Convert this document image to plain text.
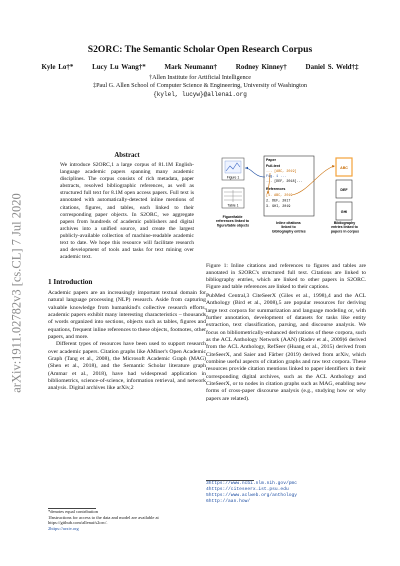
S2ORC: The Semantic Scholar Open Research Corpus
Kyle Lo†*	Lucy Lu Wang†*	Mark Neumann†	Rodney Kinney†	Daniel S. Weld†‡
†Allen Institute for Artificial Intelligence
‡Paul G. Allen School of Computer Science & Engineering, University of Washington
{kylel, lucyw}@allenai.org
arXiv:1911.02782v3 [cs.CL] 7 Jul 2020
Abstract
We introduce S2ORC,1 a large corpus of 81.1M English-language academic papers spanning many academic disciplines. The corpus consists of rich metadata, paper abstracts, resolved bibliographic references, as well as structured full text for 8.1M open access papers. Full text is annotated with automatically-detected inline mentions of citations, figures, and tables, each linked to their corresponding paper objects. In S2ORC, we aggregate papers from hundreds of academic publishers and digital archives into a unified source, and create the largest publicly-available collection of machine-readable academic text to date. We hope this resource will facilitate research and development of tools and tasks for text mining over academic text.
1 Introduction

Academic papers are an increasingly important textual domain for natural language processing (NLP) research. Aside from capturing valuable knowledge from humankind's collective research efforts, academic papers exhibit many interesting characteristics – thousands of words organized into sections, objects such as tables, figures and equations, frequent inline references to these objects, footnotes, other papers, and more.

Different types of resources have been used to support research over academic papers. Citation graphs like AMiner's Open Academic Graph (Tang et al., 2008), the Microsoft Academic Graph (MAG) (Shen et al., 2018), and the Semantic Scholar literature graph (Ammar et al., 2018), have had widespread application in bibliometrics, science-of-science, information retrieval, and network analysis. Digital archives like arXiv,2

*denotes equal contribution
1Instructions for access to the data and model are available at https://github.com/allenai/s2orc/.
2https://arxiv.org
Figure 1
Table 1
Paper
Full-text
... [ABC, 2019]
Fig. 1 ...
... [DEF, 2018]...
References
[1. ABC, 2019
2. DEF, 2017
3. GHI, 2019
ABC
DEF
GHI
Figure/table references linked to figure/table objects
Inline citations linked to bibliography entries
Bibliography entries linked to papers in corpus
Figure 1: Inline citations and references to figures and tables are annotated in S2ORC's structured full text. Citations are linked to bibliography entries, which are linked to other papers in S2ORC. Figure and table references are linked to their captions.
PubMed Central,3 CiteSeerX (Giles et al., 1998),4 and the ACL Anthology (Bird et al., 2008),5 are popular resources for deriving large text corpora for summarization and language modeling or, with further annotation, development of datasets for tasks like entity extraction, text classification, parsing, and discourse analysis. We focus on bibliometrically-enhanced derivations of these corpora, such as the ACL Anthology Network (AAN) (Radev et al., 2009)6 derived from the ACL Anthology, RefSeer (Huang et al., 2015) derived from CiteSeerX, and Saier and Färber (2019) derived from arXiv, which combine useful aspects of citation graphs and raw text corpora. These resources provide citation mentions linked to paper identifiers in their corresponding digital archives, such as the ACL Anthology and CiteSeerX, or to nodes in citation graphs such as MAG, enabling new forms of cross-paper discourse analysis (e.g., studying how or why papers are related).
3https://www.ncbi.nlm.nih.gov/pmc
4https://citeseerx.ist.psu.edu
5https://www.aclweb.org/anthology
6http://aan.how/
